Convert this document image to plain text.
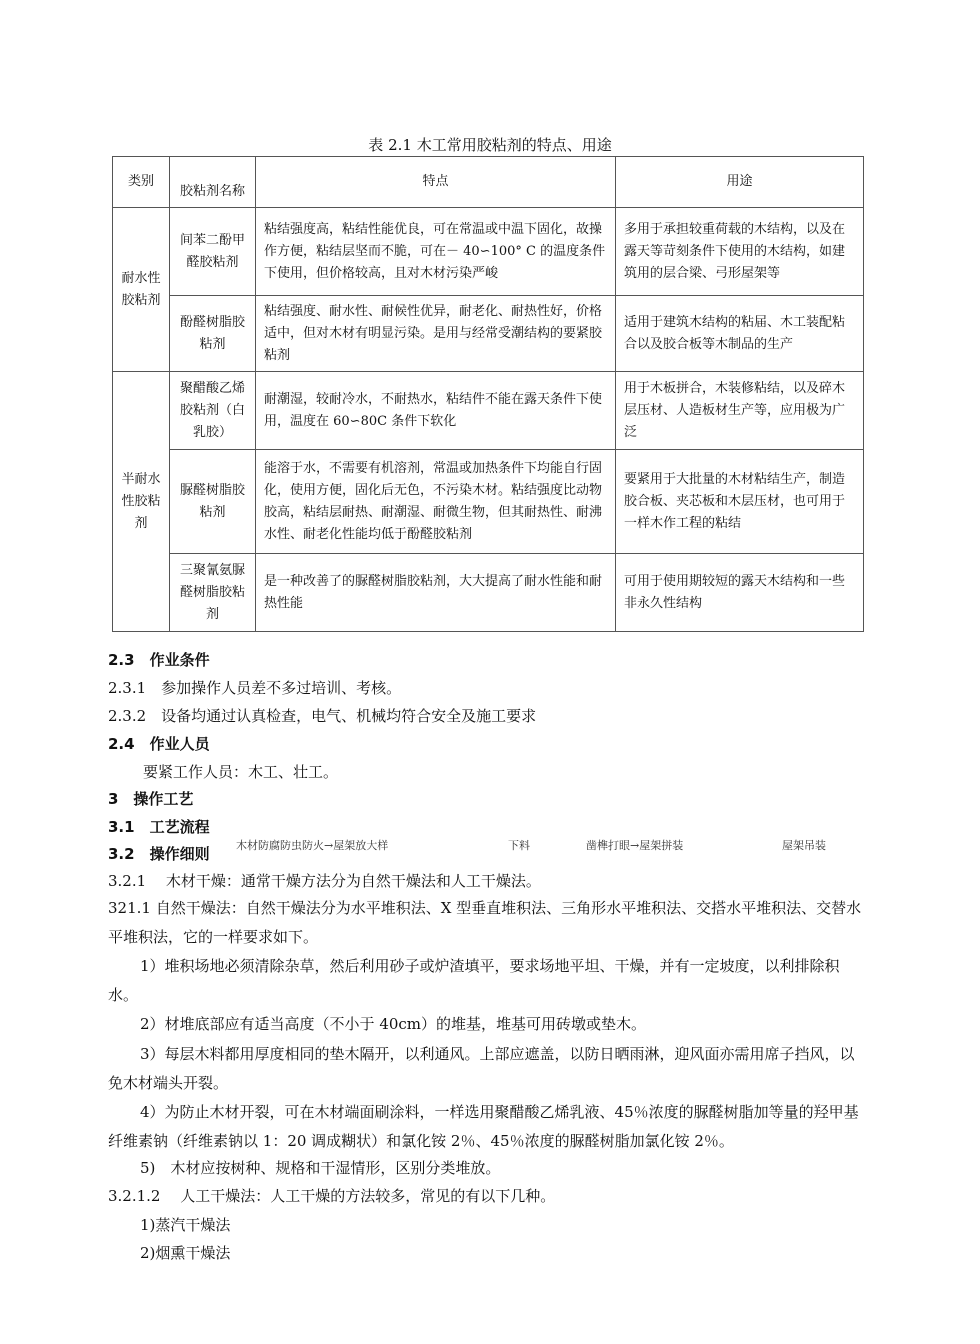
表 2.1 木工常用胶粘剂的特点、用途
类别	胶粘剂名称	特点	用途
耐水性胶粘剂	间苯二酚甲醛胶粘剂	粘结强度高，粘结性能优良，可在常温或中温下固化，故操作方便，粘结层坚而不脆，可在－ 40∽100° C 的温度条件下使用，但价格较高，且对木材污染严峻	多用于承担较重荷载的木结构，以及在露天等苛刻条件下使用的木结构，如建筑用的层合梁、弓形屋架等
	酚醛树脂胶粘剂	粘结强度、耐水性、耐候性优异，耐老化、耐热性好，价格适中，但对木材有明显污染。是用与经常受潮结构的要紧胶粘剂	适用于建筑木结构的粘届、木工装配粘合以及胶合板等木制品的生产
半耐水性胶粘剂	聚醋酸乙烯胶粘剂（白乳胶）	耐潮湿，较耐冷水，不耐热水，粘结件不能在露天条件下使用，温度在 60∽80C 条件下软化	用于木板拼合，木装修粘结，以及碎木层压材、人造板材生产等，应用极为广泛
	脲醛树脂胶粘剂	能溶于水，不需要有机溶剂，常温或加热条件下均能自行固化，使用方便，固化后无色，不污染木材。粘结强度比动物胶高，粘结层耐热、耐潮湿、耐微生物，但其耐热性、耐沸水性、耐老化性能均低于酚醛胶粘剂	要紧用于大批量的木材粘结生产，制造胶合板、夹芯板和木层压材，也可用于一样木作工程的粘结
	三聚氰氨脲醛树脂胶粘剂	是一种改善了的脲醛树脂胶粘剂，大大提高了耐水性能和耐热性能	可用于使用期较短的露天木结构和一些非永久性结构
2.3　作业条件
2.3.1　参加操作人员差不多过培训、考核。
2.3.2　设备均通过认真检查，电气、机械均符合安全及施工要求
2.4　作业人员
要紧工作人员：木工、壮工。
3　操作工艺
3.1　工艺流程
木材防腐防虫防火→屋架放大样	下料	凿榫打眼→屋架拼装	屋架吊装
3.2　操作细则
3.2.1　 木材干燥：通常干燥方法分为自然干燥法和人工干燥法。
321.1 自然干燥法：自然干燥法分为水平堆积法、X 型垂直堆积法、三角形水平堆积法、交搭水平堆积法、交替水平堆积法，它的一样要求如下。
1）堆积场地必须清除杂草，然后利用砂子或炉渣填平，要求场地平坦、干燥，并有一定坡度，以利排除积水。
2）材堆底部应有适当高度（不小于 40cm）的堆基，堆基可用砖墩或垫木。
3）每层木料都用厚度相同的垫木隔开，以利通风。上部应遮盖，以防日晒雨淋，迎风面亦需用席子挡风，以免木材端头开裂。
4）为防止木材开裂，可在木材端面刷涂料，一样选用聚醋酸乙烯乳液、45％浓度的脲醛树脂加等量的羟甲基纤维素钠（纤维素钠以 1：20 调成糊状）和氯化铵 2％、45％浓度的脲醛树脂加氯化铵 2％。
5)　木材应按树种、规格和干湿情形，区别分类堆放。
3.2.1.2　 人工干燥法：人工干燥的方法较多，常见的有以下几种。
1)蒸汽干燥法
2)烟熏干燥法
